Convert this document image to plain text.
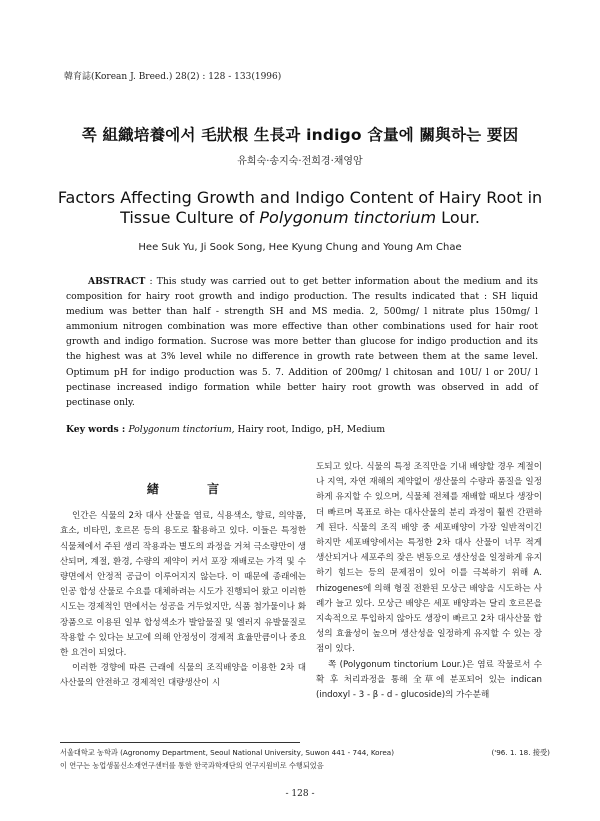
韓育誌(Korean J. Breed.) 28(2) : 128 - 133(1996)
쪽 組織培養에서 毛狀根 生長과 indigo 含量에 關與하는 要因
유희숙·송지숙·전희경·채영암
Factors Affecting Growth and Indigo Content of Hairy Root in
Tissue Culture of Polygonum tinctorium Lour.
Hee Suk Yu, Ji Sook Song, Hee Kyung Chung and Young Am Chae
ABSTRACT : This study was carried out to get better information about the medium and its composition for hairy root growth and indigo production. The results indicated that : SH liquid medium was better than half - strength SH and MS media. 2, 500mg/ l nitrate plus 150mg/ l ammonium nitrogen combination was more effective than other combinations used for hair root growth and indigo formation. Sucrose was more better than glucose for indigo production and its the highest was at 3% level while no difference in growth rate between them at the same level. Optimum pH for indigo production was 5. 7. Addition of 200mg/ l chitosan and 10U/ l or 20U/ l pectinase increased indigo formation while better hairy root growth was observed in add of pectinase only.
Key words : Polygonum tinctorium, Hairy root, Indigo, pH, Medium
緖 言

인간은 식물의 2차 대사 산물을 염료, 식용색소, 향료, 의약품, 효소, 비타민, 호르몬 등의 용도로 활용하고 있다. 이들은 특정한 식물체에서 주된 생리 작용과는 별도의 과정을 거쳐 극소량만이 생산되며, 계절, 환경, 수량의 제약이 커서 포장 재배로는 가격 및 수량면에서 안정적 공급이 이루어지지 않는다. 이 때문에 종래에는 인공 합성 산물로 수요를 대체하려는 시도가 진행되어 왔고 이러한 시도는 경제적인 면에서는 성공을 거두었지만, 식품 첨가물이나 화장품으로 이용된 일부 합성색소가 발암물질 및 엘러지 유발물질로 작용할 수 있다는 보고에 의해 안정성이 경제적 효율만큼이나 중요한 요건이 되었다.

이러한 경향에 따른 근래에 식물의 조직배양을 이용한 2차 대사산물의 안전하고 경제적인 대량생산이 시

도되고 있다. 식물의 특정 조직만을 기내 배양할 경우 계절이나 지역, 자연 재해의 제약없이 생산물의 수량과 품질을 일정하게 유지할 수 있으며, 식물체 전체를 재배할 때보다 생장이 더 빠르며 목표로 하는 대사산물의 분리 과정이 훨씬 간편하게 된다. 식물의 조직 배양 중 세포배양이 가장 일반적이긴 하지만 세포배양에서는 특정한 2차 대사 산물이 너무 적게 생산되거나 세포주의 잦은 변동으로 생산성을 일정하게 유지하기 힘드는 등의 문제점이 있어 이를 극복하기 위해 A. rhizogenes에 의해 형질 전환된 모상근 배양을 시도하는 사례가 늘고 있다. 모상근 배양은 세포 배양과는 달리 호르몬을 지속적으로 투입하지 않아도 생장이 빠르고 2차 대사산물 합성의 효율성이 높으며 생산성을 일정하게 유지할 수 있는 장점이 있다.

쪽 (Polygonum tinctorium Lour.)은 염료 작물로서 수확 후 처리과정을 통해 全草에 분포되어 있는 indican (indoxyl - 3 - β - d - glucoside)의 가수분해

서울대학교 농학과 (Agronomy Department, Seoul National University, Suwon 441 - 744, Korea)	('96. 1. 18. 接受)
이 연구는 농업생물신소재연구센터를 통한 한국과학재단의 연구지원비로 수행되었음
- 128 -
